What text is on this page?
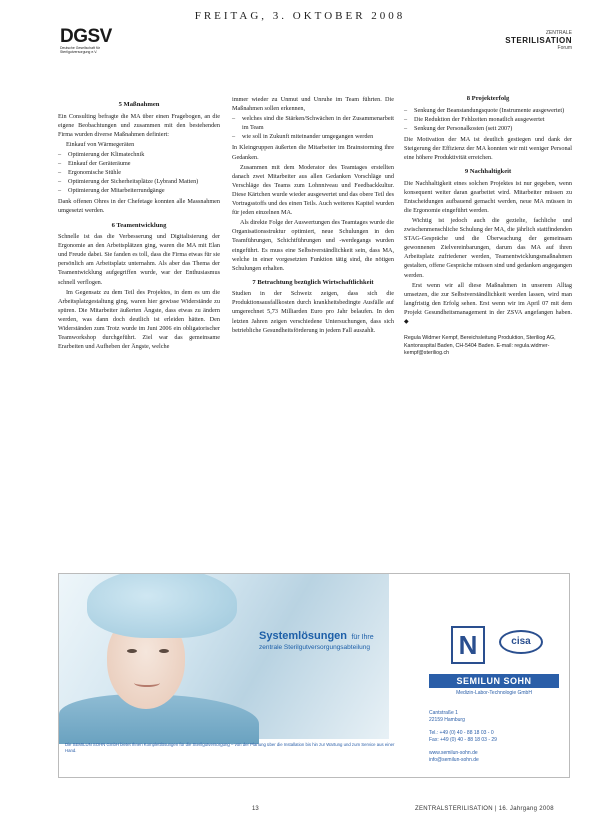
FREITAG, 3. OKTOBER 2008
DGSV
Deutsche Gesellschaft für Sterilgutversorgung e.V.
ZENTRALE
STERILISATION
Forum
5 Maßnahmen

Ein Consulting befragte die MA über einen Fragebogen, an die eigene Beobachtungen und zusammen mit den bestehenden Firma wurden diverse Maßnahmen definiert:

Einkauf von Wärmegeräten

– Optimierung der Klimatechnik
– Einkauf der Geräteräume
– Ergonomische Stühle
– Optimierung der Sicherheitsplätze (Lybrand Matten)
– Optimierung der Mitarbeiterrundgänge

Dank offenen Ohres in der Chefetage konnten alle Massnahmen umgesetzt werden.

6 Teamentwicklung

Schnelle ist das die Verbesserung und Digitalisierung der Ergonomie an den Arbeitsplätzen ging, waren die MA mit Elan und Freude dabei. Sie fanden es toll, dass die Firma etwas für sie persönlich am Arbeitsplatz unternahm. Als aber das Thema der Teamentwicklung aufgegriffen wurde, war der Enthusiasmus schnell verflogen.

Im Gegensatz zu dem Teil des Projektes, in dem es um die Arbeitsplatzgestaltung ging, waren hier gewisse Widerstände zu spüren. Die Mitarbeiter äußerten Ängste, dass etwas zu ändern werden, was dann doch deutlich ist erleiden hätten. Den Widerständen zum Trotz wurde im Juni 2006 ein obligatorischer Teamworkshop durchgeführt. Ziel war das gemeinsame Erarbeiten und Aufheben der Ängste, welche

immer wieder zu Unmut und Unruhe im Team führten. Die Maßnahmen sollen erkennen,

– welches sind die Stärken/Schwächen in der Zusammenarbeit im Team
– wie soll in Zukunft miteinander umgegangen werden

In Kleingruppen äußerten die Mitarbeiter im Brainstorming ihre Gedanken.

Zusammen mit dem Moderator des Teamtages erstellten danach zwei Mitarbeiter aus allen Gedanken Vorschläge und Verschläge des Teams zum Lohnniveau und Feedbackkultur. Diese Kärtchen wurde wieder ausgewertet und das obere Teil des Vortragsstoffs und des einen Teils. Auch weiteres Kapitel wurden für jeden einzelnen MA.

Als direkte Folge der Auswertungen des Teamtages wurde die Organisationsstruktur optimiert, neue Schulungen in den Teamführungen, Schichtführungen und -werdegangs wurden eingeführt. Es muss eine Selbstverständlichkeit sein, dass MA, welche in einer vorgesetzten Funktion tätig sind, die nötigen Schulungen erhalten.

7 Betrachtung bezüglich Wirtschaftlichkeit

Studien in der Schweiz zeigen, dass sich die Produktionsausfallkosten durch krankheitsbedingte Ausfälle auf umgerechnet 5,73 Milliarden Euro pro Jahr belaufen. In den letzten Jahren zeigen verschiedene Untersuchungen, dass sich betriebliche Gesundheitsförderung in jedem Fall auszahlt.

8 Projekterfolg
– Senkung der Beanstandungsquote (Instrumente ausgewertet)
– Die Reduktion der Fehlzeiten monatlich ausgewertet
– Senkung der Personalkosten (seit 2007)

Die Motivation der MA ist deutlich gestiegen und dank der Steigerung der Effizienz der MA konnten wir mit weniger Personal eine höhere Produktivität erreichen.

9 Nachhaltigkeit

Die Nachhaltigkeit eines solchen Projektes ist nur gegeben, wenn konsequent weiter daran gearbeitet wird. Mitarbeiter müssen zu Entscheidungen aufbauend gemacht werden, neue MA müssen in die Ergonomie eingeführt werden.

Wichtig ist jedoch auch die gezielte, fachliche und zwischenmenschliche Schulung der MA, die jährlich stattfindenden STAG-Gespräche und die Überwachung der gemeinsam gewonnenen Zielvereinbarungen, darum das MA auf ihren Arbeitsplatz zufriedener werden, Teamentwicklungsmaßnahmen gestalten, offene Gespräche müssen sind und gedanken angegangen werden.

Erst wenn wir all diese Maßnahmen in unserem Alltag umsetzen, die zur Selbstverständlichkeit werden lassen, wird man langfristig den Erfolg sehen. Erst wenn wir im April 07 mit dem Projekt Gesundheitsmanagement in der ZSVA angefangen haben. ◆

Regula Widmer Kempf, Bereichsleitung Produktion, Steriliog AG, Kantonsspital Baden, CH-5404 Baden. E-mail: regula.widmer-kempf@steriliog.ch
Systemlösungen für Ihre
zentrale Sterilgutversorgungsabteilung	N	cisa
SEMILUN SOHN
Medizin-Labor-Technologie GmbH
Cantstraße 1
22159 Hamburg
Tel.: +49 (0) 40 - 88 18 03 - 0
Fax: +49 (0) 40 - 88 18 03 - 29
www.semilun-sohn.de
info@semilun-sohn.de
Die SEMILUN SOHN GmbH bietet Ihnen Komplettlösungen für die Sterilgutversorgung – von der Planung über die Installation bis hin zur Wartung und zum Service aus einer Hand.
13	ZENTRALSTERILISATION | 16. Jahrgang 2008
